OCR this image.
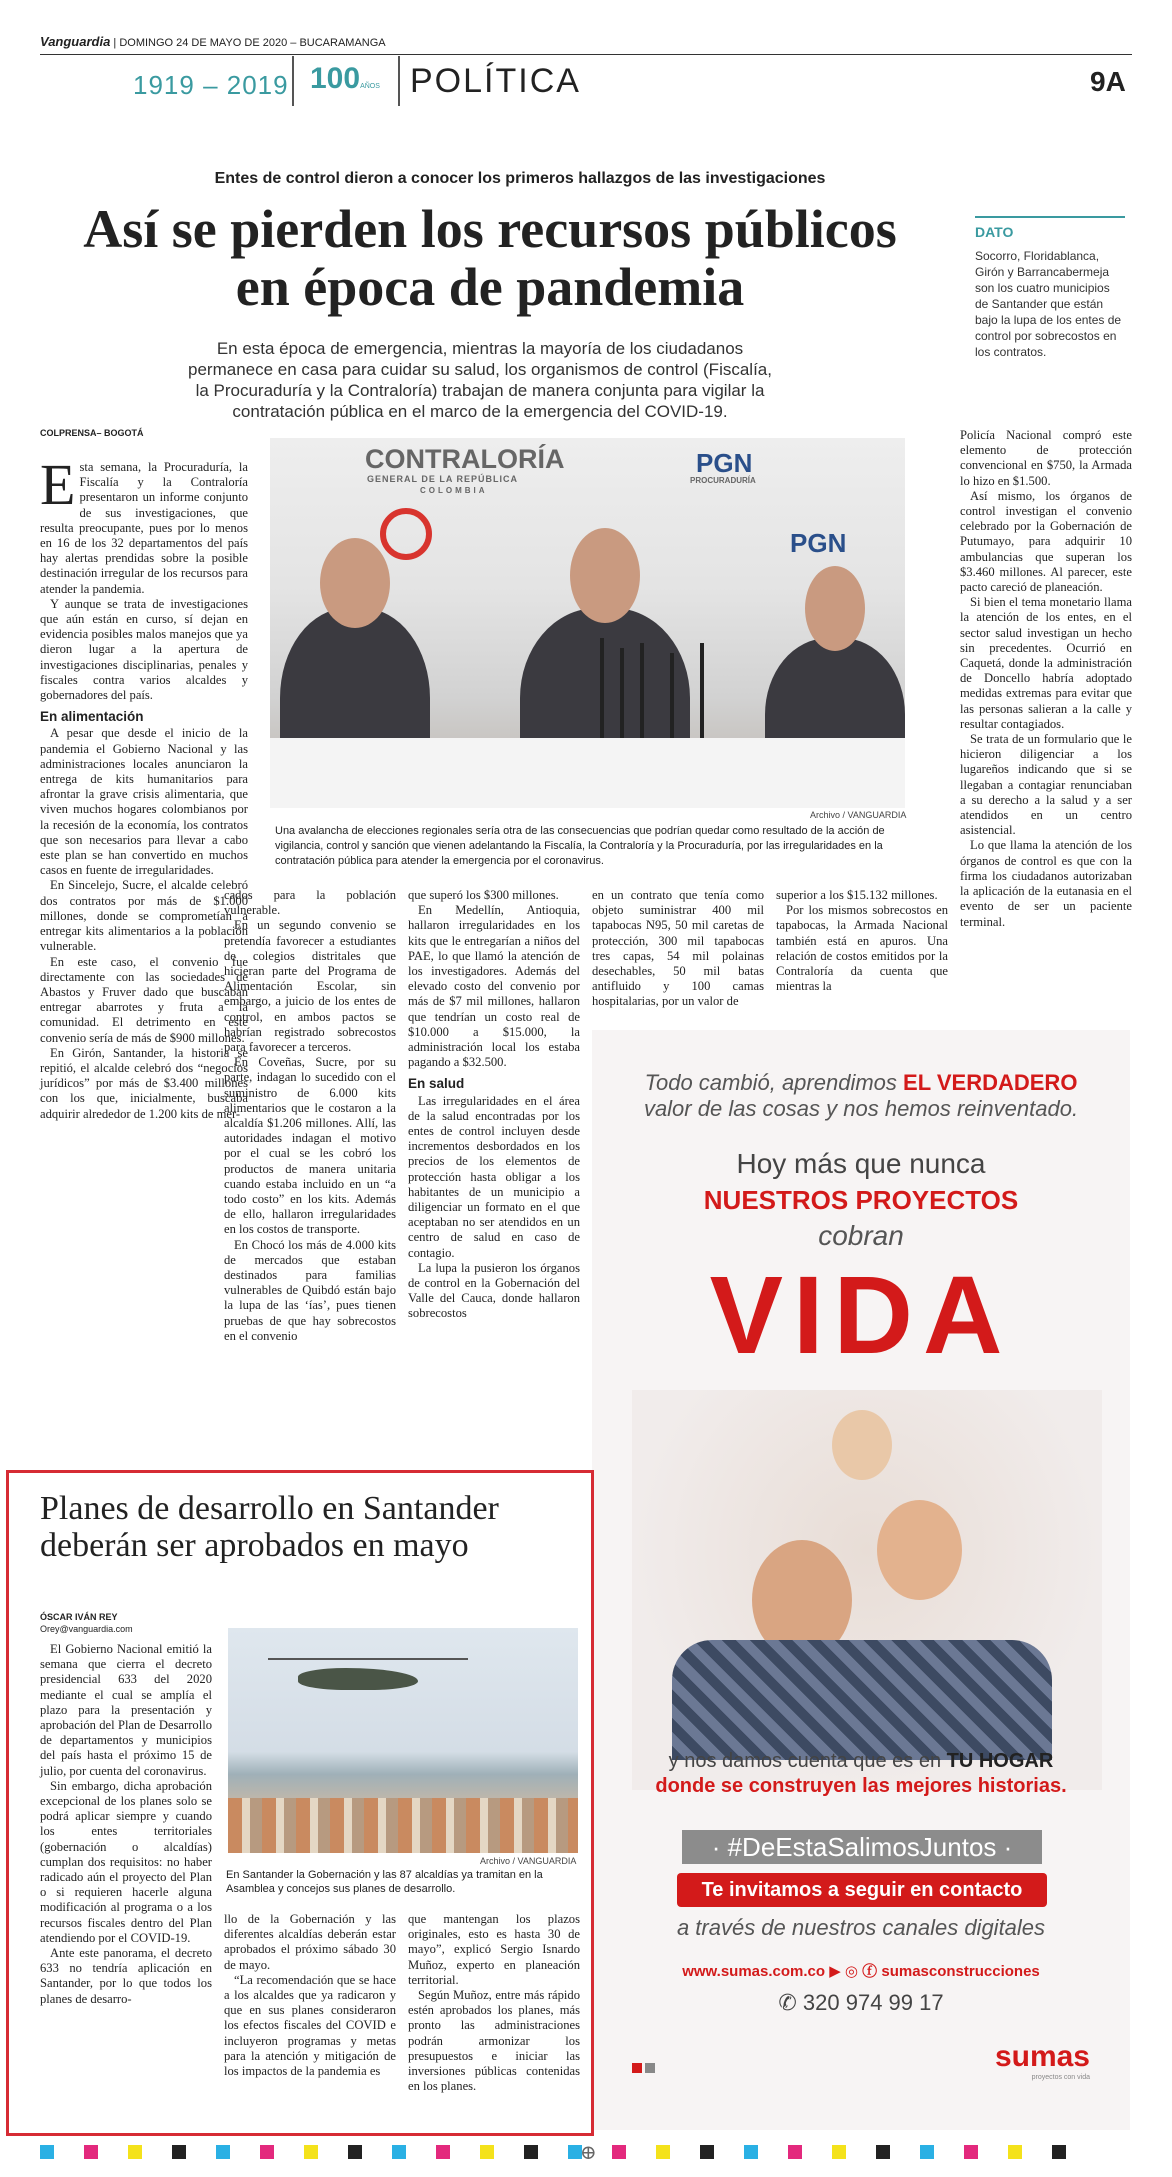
Vanguardia | DOMINGO 24 DE MAYO DE 2020 – BUCARAMANGA
1919 – 2019 100AÑOS POLÍTICA	9A
Entes de control dieron a conocer los primeros hallazgos de las investigaciones
Así se pierden los recursos públicos en época de pandemia
En esta época de emergencia, mientras la mayoría de los ciudadanos permanece en casa para cuidar su salud, los organismos de control (Fiscalía, la Procuraduría y la Contraloría) trabajan de manera conjunta para vigilar la contratación pública en el marco de la emergencia del COVID-19.
DATO
Socorro, Floridablanca, Girón y Barrancabermeja son los cuatro municipios de Santander que están bajo la lupa de los entes de control por sobrecostos en los contratos.
COLPRENSA– BOGOTÁ
E sta semana, la Procuraduría, la Fiscalía y la Contraloría presentaron un informe conjunto de sus investigaciones, que resulta preocupante, pues por lo menos en 16 de los 32 departamentos del país hay alertas prendidas sobre la posible destinación irregular de los recursos para atender la pandemia.

Y aunque se trata de investigaciones que aún están en curso, sí dejan en evidencia posibles malos manejos que ya dieron lugar a la apertura de investigaciones disciplinarias, penales y fiscales contra varios alcaldes y gobernadores del país.

En alimentación

A pesar que desde el inicio de la pandemia el Gobierno Nacional y las administraciones locales anunciaron la entrega de kits humanitarios para afrontar la grave crisis alimentaria, que viven muchos hogares colombianos por la recesión de la economía, los contratos que son necesarios para llevar a cabo este plan se han convertido en muchos casos en fuente de irregularidades.

En Sincelejo, Sucre, el alcalde celebró dos contratos por más de $1.000 millones, donde se comprometían a entregar kits alimentarios a la población vulnerable.

En este caso, el convenio fue directamente con las sociedades de Abastos y Fruver dado que buscaban entregar abarrotes y fruta a la comunidad. El detrimento en este convenio sería de más de $900 millones.

En Girón, Santander, la historia se repitió, el alcalde celebró dos “negocios jurídicos” por más de $3.400 millones con los que, inicialmente, buscaba adquirir alrededor de 1.200 kits de mer-

CONTRALORÍA
GENERAL DE LA REPÚBLICA
COLOMBIA
PGN
PROCURADURÍA
PGN
Archivo / VANGUARDIA
Una avalancha de elecciones regionales sería otra de las consecuencias que podrían quedar como resultado de la acción de vigilancia, control y sanción que vienen adelantando la Fiscalía, la Contraloría y la Procuraduría, por las irregularidades en la contratación pública para atender la emergencia por el coronavirus.

cados para la población vulnerable.

En un segundo convenio se pretendía favorecer a estudiantes de colegios distritales que hicieran parte del Programa de Alimentación Escolar, sin embargo, a juicio de los entes de control, en ambos pactos se habrían registrado sobrecostos para favorecer a terceros.

En Coveñas, Sucre, por su parte, indagan lo sucedido con el suministro de 6.000 kits alimentarios que le costaron a la alcaldía $1.206 millones. Allí, las autoridades indagan el motivo por el cual se les cobró los productos de manera unitaria cuando estaba incluido en un “a todo costo” en los kits. Además de ello, hallaron irregularidades en los costos de transporte.

En Chocó los más de 4.000 kits de mercados que estaban destinados para familias vulnerables de Quibdó están bajo la lupa de las ‘ías’, pues tienen pruebas de que hay sobrecostos en el convenio

que superó los $300 millones.

En Medellín, Antioquia, hallaron irregularidades en los kits que le entregarían a niños del PAE, lo que llamó la atención de los investigadores. Además del elevado costo del convenio por más de $7 mil millones, hallaron que tendrían un costo real de $10.000 a $15.000, la administración local los estaba pagando a $32.500.

En salud

Las irregularidades en el área de la salud encontradas por los entes de control incluyen desde incrementos desbordados en los precios de los elementos de protección hasta obligar a los habitantes de un municipio a diligenciar un formato en el que aceptaban no ser atendidos en un centro de salud en caso de contagio.

La lupa la pusieron los órganos de control en la Gobernación del Valle del Cauca, donde hallaron sobrecostos

en un contrato que tenía como objeto suministrar 400 mil tapabocas N95, 50 mil caretas de protección, 300 mil tapabocas tres capas, 54 mil polainas desechables, 50 mil batas antifluido y 100 camas hospitalarias, por un valor de

superior a los $15.132 millones.

Por los mismos sobrecostos en tapabocas, la Armada Nacional también está en apuros. Una relación de costos emitidos por la Contraloría da cuenta que mientras la

Policía Nacional compró este elemento de protección convencional en $750, la Armada lo hizo en $1.500.

Así mismo, los órganos de control investigan el convenio celebrado por la Gobernación de Putumayo, para adquirir 10 ambulancias que superan los $3.460 millones. Al parecer, este pacto careció de planeación.

Si bien el tema monetario llama la atención de los entes, en el sector salud investigan un hecho sin precedentes. Ocurrió en Caquetá, donde la administración de Doncello habría adoptado medidas extremas para evitar que las personas salieran a la calle y resultar contagiados.

Se trata de un formulario que le hicieron diligenciar a los lugareños indicando que si se llegaban a contagiar renunciaban a su derecho a la salud y a ser atendidos en un centro asistencial.

Lo que llama la atención de los órganos de control es que con la firma los ciudadanos autorizaban la aplicación de la eutanasia en el evento de ser un paciente terminal.

Todo cambió, aprendimos EL VERDADERO
valor de las cosas y nos hemos reinventado.
Hoy más que nunca
NUESTROS PROYECTOS
cobran
VIDA
y nos damos cuenta que es en TU HOGAR
donde se construyen las mejores historias.
· #DeEstaSalimosJuntos ·
Te invitamos a seguir en contacto
a través de nuestros canales digitales
www.sumas.com.co ▶ ◎ ⓕ sumasconstrucciones
✆ 320 974 99 17
sumas
proyectos con vida
Planes de desarrollo en Santander deberán ser aprobados en mayo
ÓSCAR IVÁN REY
Orey@vanguardia.com

El Gobierno Nacional emitió la semana que cierra el decreto presidencial 633 del 2020 mediante el cual se amplía el plazo para la presentación y aprobación del Plan de Desarrollo de departamentos y municipios del país hasta el próximo 15 de julio, por cuenta del coronavirus.

Sin embargo, dicha aprobación excepcional de los planes solo se podrá aplicar siempre y cuando los entes territoriales (gobernación o alcaldías) cumplan dos requisitos: no haber radicado aún el proyecto del Plan o si requieren hacerle alguna modificación al programa o a los recursos fiscales dentro del Plan atendiendo por el COVID-19.

Ante este panorama, el decreto 633 no tendría aplicación en Santander, por lo que todos los planes de desarro-

Archivo / VANGUARDIA
En Santander la Gobernación y las 87 alcaldías ya tramitan en la Asamblea y concejos sus planes de desarrollo.

llo de la Gobernación y las diferentes alcaldías deberán estar aprobados el próximo sábado 30 de mayo.

“La recomendación que se hace a los alcaldes que ya radicaron y que en sus planes consideraron los efectos fiscales del COVID e incluyeron programas y metas para la atención y mitigación de los impactos de la pandemia es

que mantengan los plazos originales, esto es hasta 30 de mayo”, explicó Sergio Isnardo Muñoz, experto en planeación territorial.

Según Muñoz, entre más rápido estén aprobados los planes, más pronto las administraciones podrán armonizar los presupuestos e iniciar las inversiones públicas contenidas en los planes.

⊕
